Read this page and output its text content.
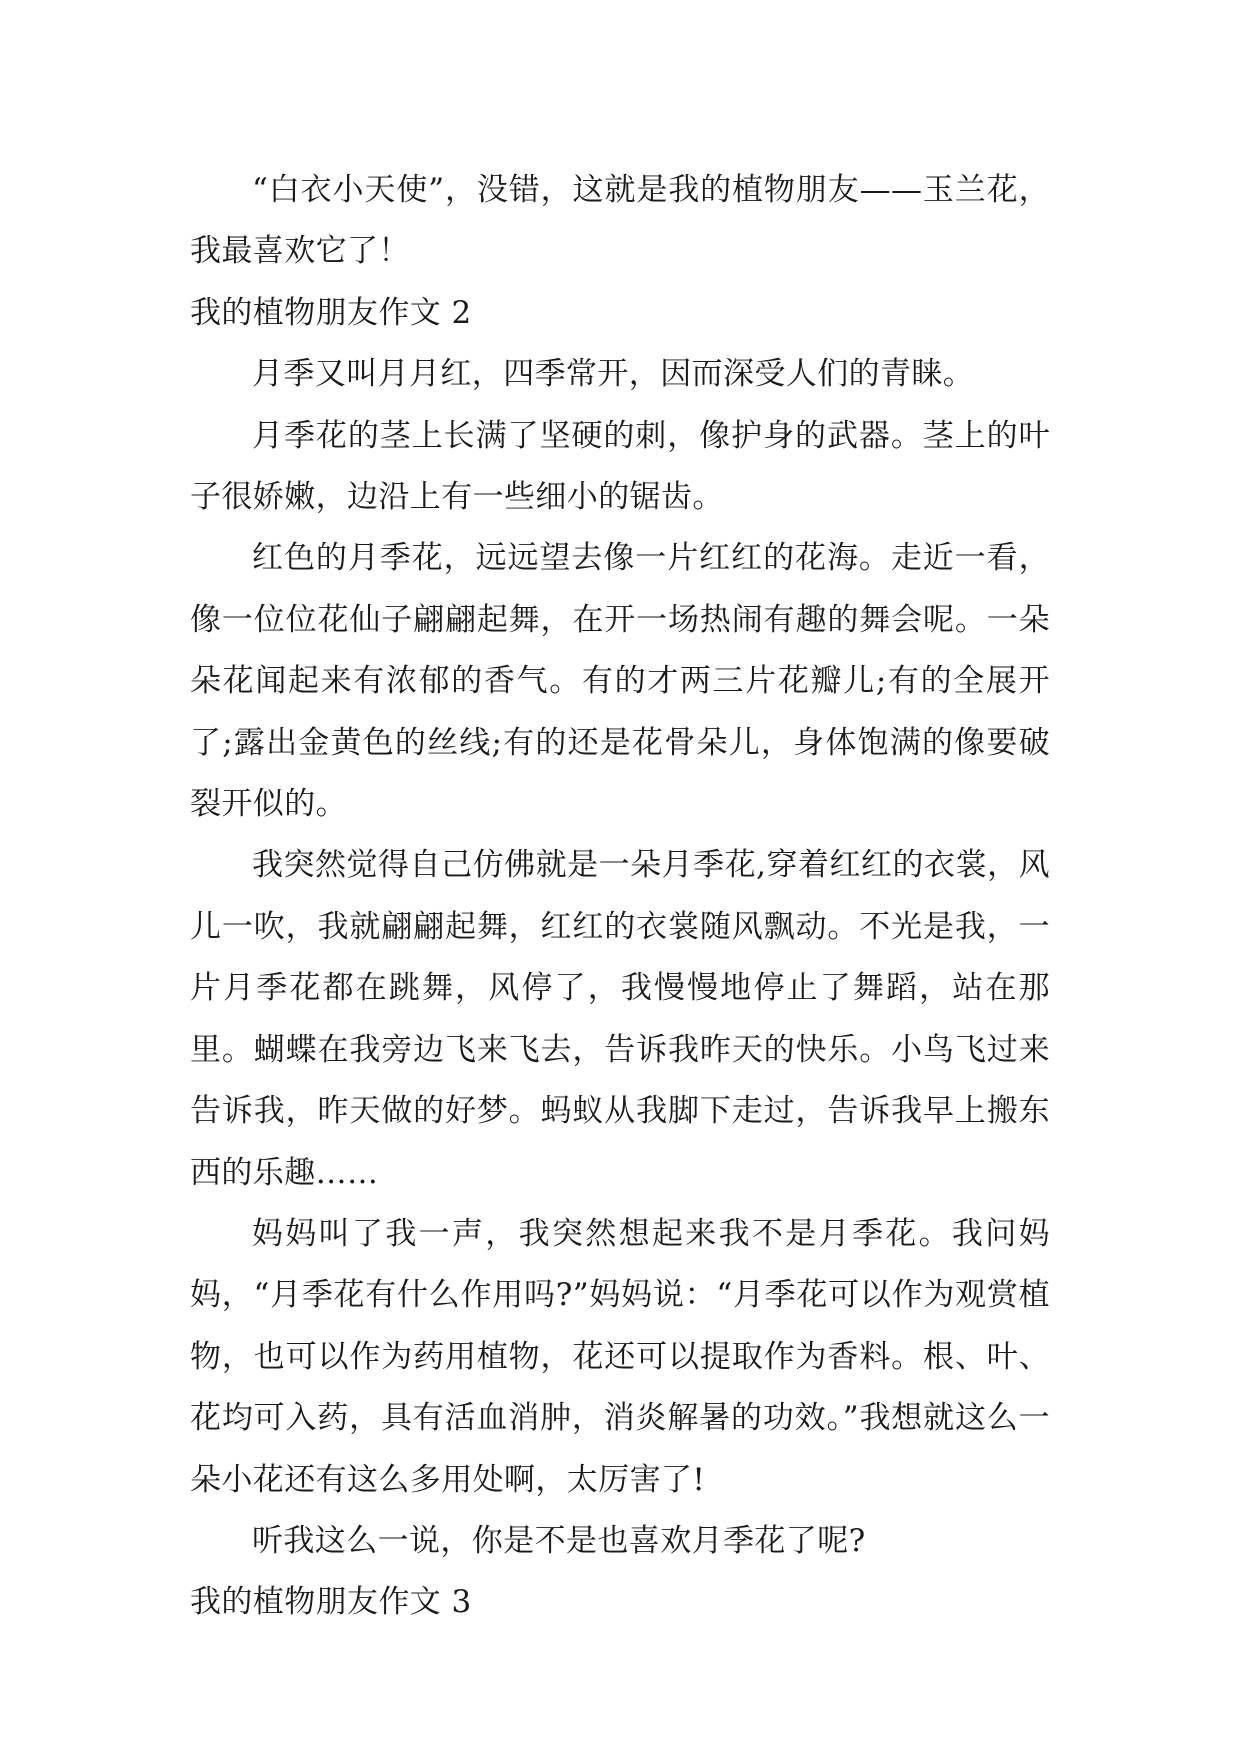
“白衣小天使”，没错，这就是我的植物朋友——玉兰花，我最喜欢它了！

我的植物朋友作文 2

月季又叫月月红，四季常开，因而深受人们的青睐。

月季花的茎上长满了坚硬的刺，像护身的武器。茎上的叶子很娇嫩，边沿上有一些细小的锯齿。

红色的月季花，远远望去像一片红红的花海。走近一看，像一位位花仙子翩翩起舞，在开一场热闹有趣的舞会呢。一朵朵花闻起来有浓郁的香气。有的才两三片花瓣儿;有的全展开了;露出金黄色的丝线;有的还是花骨朵儿，身体饱满的像要破裂开似的。

我突然觉得自己仿佛就是一朵月季花,穿着红红的衣裳，风儿一吹，我就翩翩起舞，红红的衣裳随风飘动。不光是我，一片月季花都在跳舞，风停了，我慢慢地停止了舞蹈，站在那里。蝴蝶在我旁边飞来飞去，告诉我昨天的快乐。小鸟飞过来告诉我，昨天做的好梦。蚂蚁从我脚下走过，告诉我早上搬东西的乐趣……

妈妈叫了我一声，我突然想起来我不是月季花。我问妈妈，“月季花有什么作用吗?”妈妈说：“月季花可以作为观赏植物，也可以作为药用植物，花还可以提取作为香料。根、叶、花均可入药，具有活血消肿，消炎解暑的功效。”我想就这么一朵小花还有这么多用处啊，太厉害了!

听我这么一说，你是不是也喜欢月季花了呢?

我的植物朋友作文 3
